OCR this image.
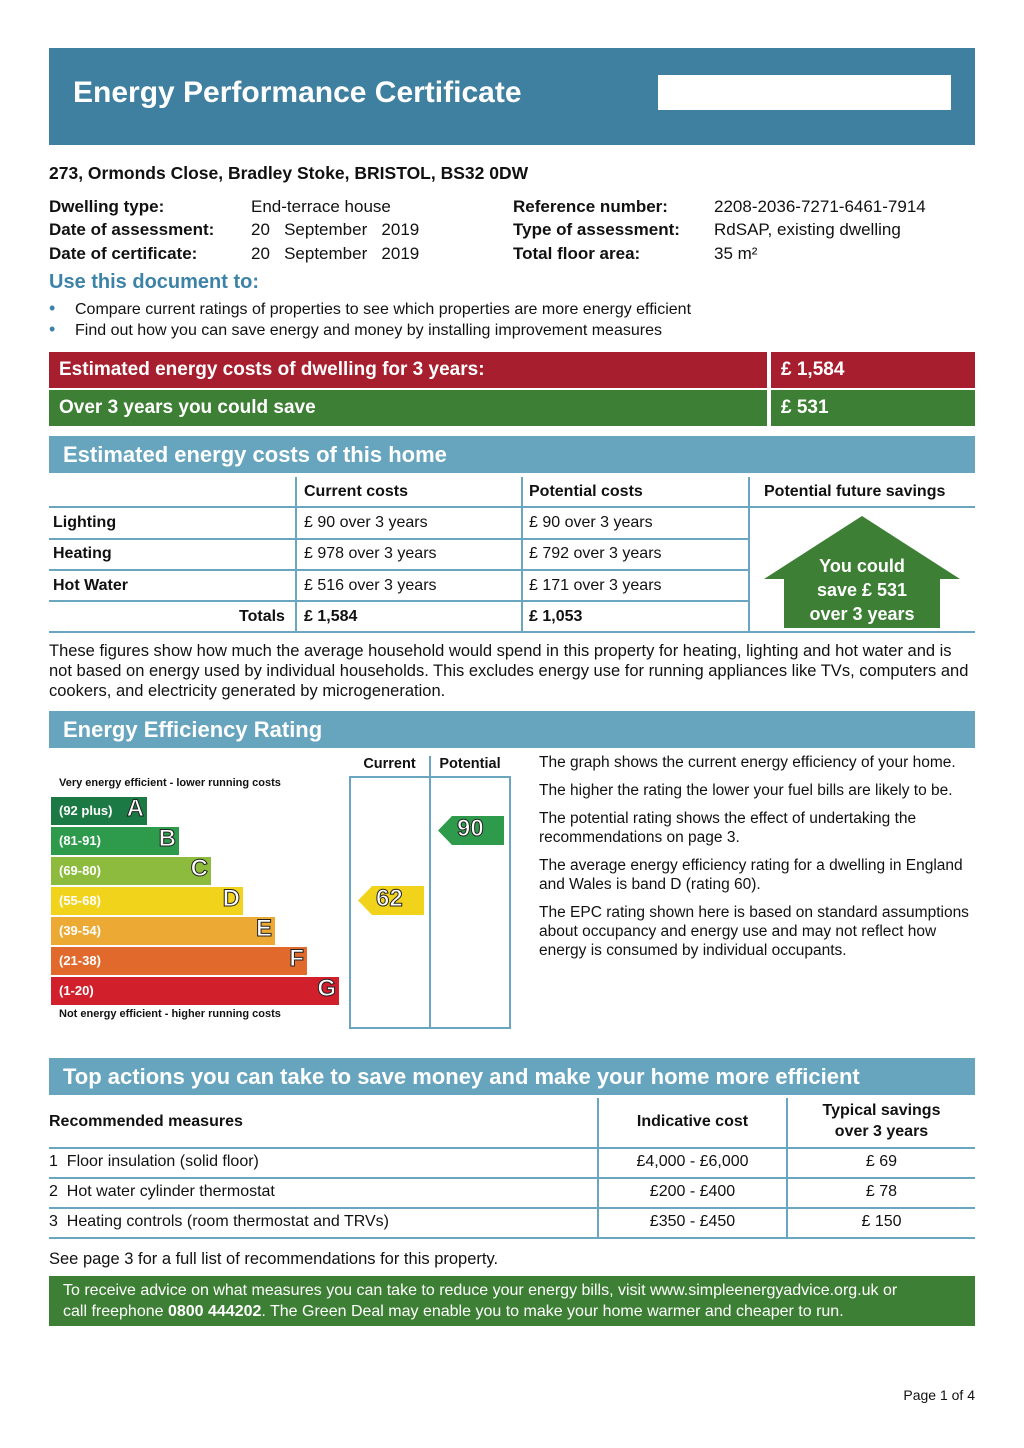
Energy Performance Certificate
273, Ormonds Close, Bradley Stoke, BRISTOL, BS32 0DW
Dwelling type:	End-terrace house
Date of assessment: 20   September   2019
Date of certificate:	20   September   2019
Reference number:	2208-2036-7271-6461-7914
Type of assessment: RdSAP, existing dwelling
Total floor area:	35 m²
Use this document to:
• Compare current ratings of properties to see which properties are more energy efficient
• Find out how you can save energy and money by installing improvement measures
Estimated energy costs of dwelling for 3 years:	£ 1,584
Over 3 years you could save	£ 531
Estimated energy costs of this home
Current costs	Potential costs	Potential future savings
Lighting	£ 90 over 3 years	£ 90 over 3 years
Heating	£ 978 over 3 years	£ 792 over 3 years
Hot Water	£ 516 over 3 years	£ 171 over 3 years
Totals £ 1,584	£ 1,053
You could
save £ 531
over 3 years
These figures show how much the average household would spend in this property for heating, lighting and hot water and is not based on energy used by individual households. This excludes energy use for running appliances like TVs, computers and cookers, and electricity generated by microgeneration.
Energy Efficiency Rating
Current	Potential
Very energy efficient - lower running costs
Not energy efficient - higher running costs
(92 plus) A
(81-91) B
(69-80)	C
(55-68)	D
(39-54)	E
(21-38)	F
(1-20)	G
62
90
The graph shows the current energy efficiency of your home.
The higher the rating the lower your fuel bills are likely to be.
The potential rating shows the effect of undertaking the recommendations on page 3.
The average energy efficiency rating for a dwelling in England and Wales is band D (rating 60).
The EPC rating shown here is based on standard assumptions about occupancy and energy use and may not reflect how energy is consumed by individual occupants.
Top actions you can take to save money and make your home more efficient
Recommended measures	Indicative cost
Typical savings
over 3 years
1 Floor insulation (solid floor)	£4,000 - £6,000	£ 69
2 Hot water cylinder thermostat	£200 - £400	£ 78
3 Heating controls (room thermostat and TRVs)	£350 - £450	£ 150
See page 3 for a full list of recommendations for this property.
To receive advice on what measures you can take to reduce your energy bills, visit www.simpleenergyadvice.org.uk or
call freephone 0800 444202. The Green Deal may enable you to make your home warmer and cheaper to run.
Page 1 of 4
